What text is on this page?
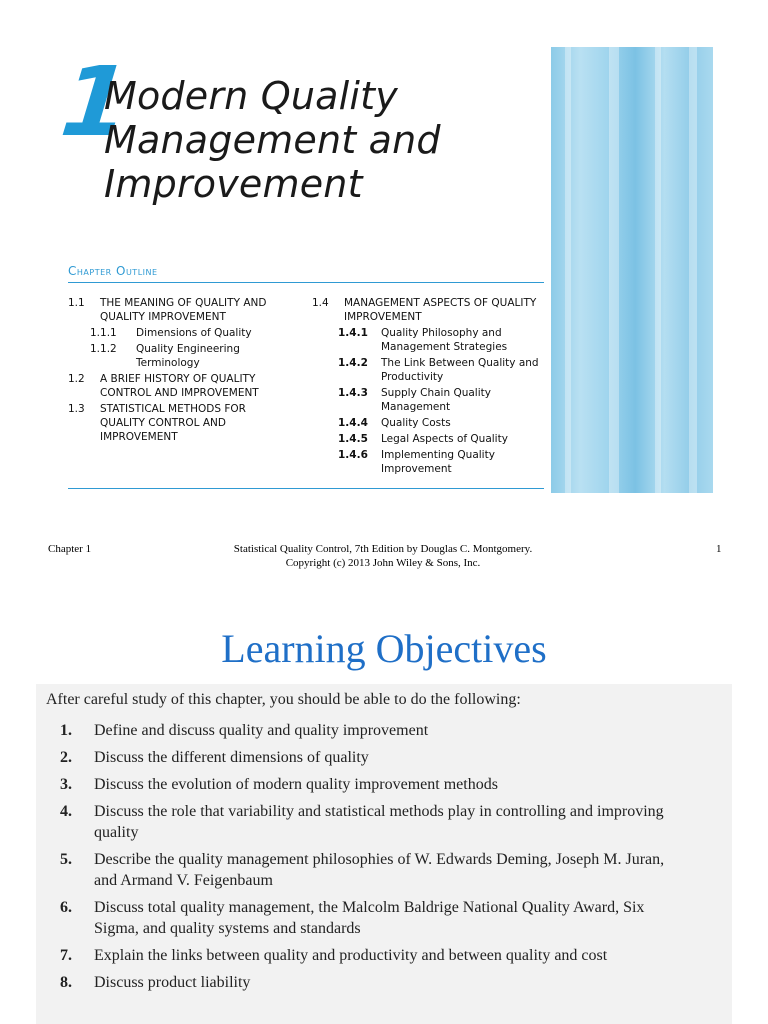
1
Modern Quality
Management and
Improvement
Chapter Outline
1.1	THE MEANING OF QUALITY AND QUALITY IMPROVEMENT
1.1.1	Dimensions of Quality
1.1.2	Quality Engineering Terminology
1.2	A BRIEF HISTORY OF QUALITY CONTROL AND IMPROVEMENT
1.3	STATISTICAL METHODS FOR QUALITY CONTROL AND IMPROVEMENT
1.4	MANAGEMENT ASPECTS OF QUALITY IMPROVEMENT
1.4.1	Quality Philosophy and Management Strategies
1.4.2	The Link Between Quality and Productivity
1.4.3	Supply Chain Quality Management
1.4.4	Quality Costs
1.4.5	Legal Aspects of Quality
1.4.6	Implementing Quality Improvement
Chapter 1	Statistical Quality Control, 7th Edition by Douglas C. Montgomery.
Copyright (c) 2013 John Wiley & Sons, Inc.
1
Learning Objectives
After careful study of this chapter, you should be able to do the following:
1. Define and discuss quality and quality improvement
2. Discuss the different dimensions of quality
3. Discuss the evolution of modern quality improvement methods
4. Discuss the role that variability and statistical methods play in controlling and improving quality
5. Describe the quality management philosophies of W. Edwards Deming, Joseph M. Juran, and Armand V. Feigenbaum
6. Discuss total quality management, the Malcolm Baldrige National Quality Award, Six Sigma, and quality systems and standards
7. Explain the links between quality and productivity and between quality and cost
8. Discuss product liability
